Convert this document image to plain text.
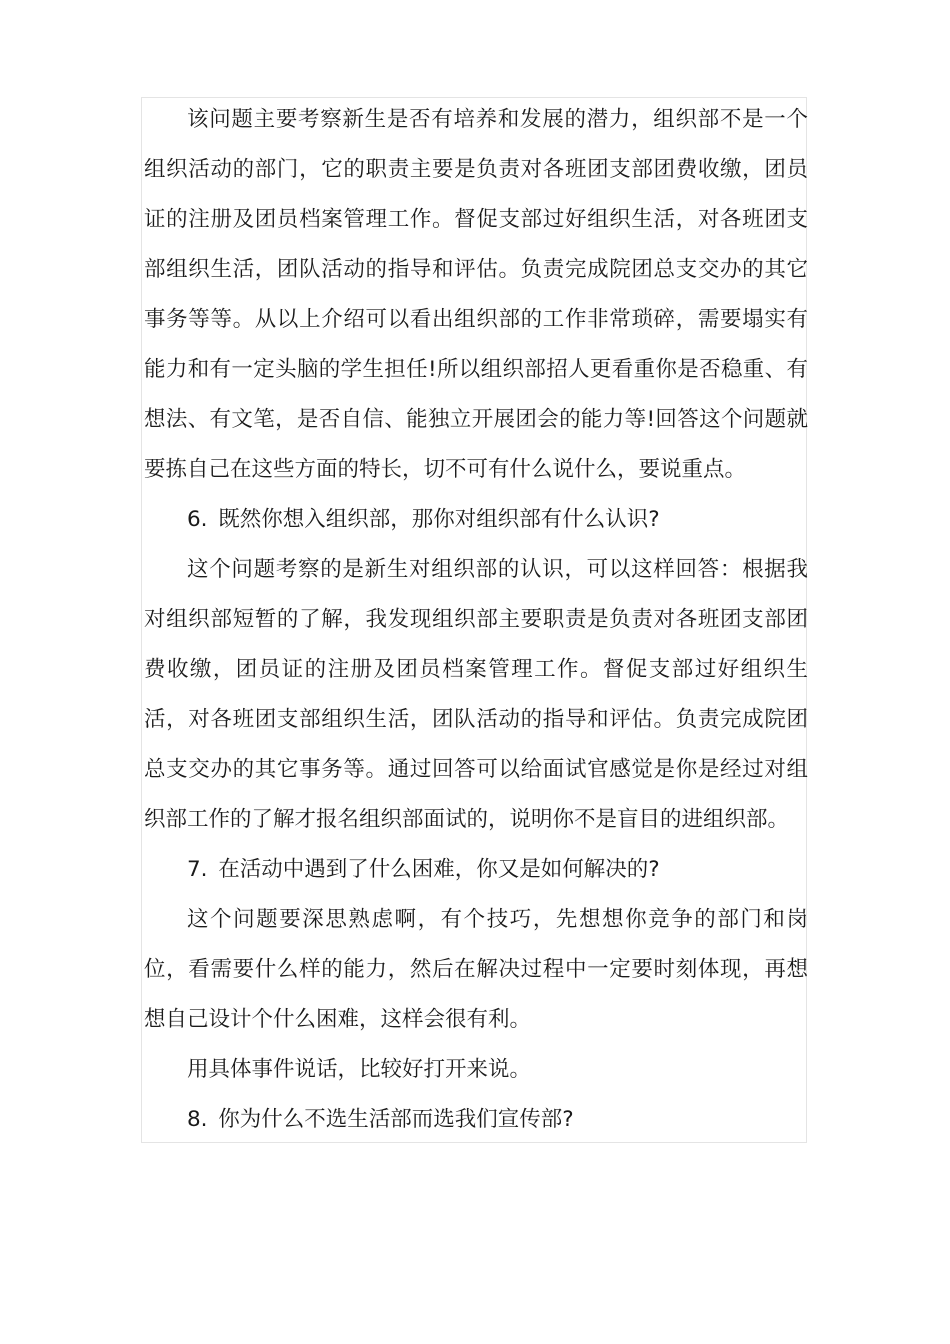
该问题主要考察新生是否有培养和发展的潜力，组织部不是一个组织活动的部门，它的职责主要是负责对各班团支部团费收缴，团员证的注册及团员档案管理工作。督促支部过好组织生活，对各班团支部组织生活，团队活动的指导和评估。负责完成院团总支交办的其它事务等等。从以上介绍可以看出组织部的工作非常琐碎，需要塌实有能力和有一定头脑的学生担任!所以组织部招人更看重你是否稳重、有想法、有文笔，是否自信、能独立开展团会的能力等!回答这个问题就要拣自己在这些方面的特长，切不可有什么说什么，要说重点。

6. 既然你想入组织部，那你对组织部有什么认识?

这个问题考察的是新生对组织部的认识，可以这样回答：根据我对组织部短暂的了解，我发现组织部主要职责是负责对各班团支部团费收缴，团员证的注册及团员档案管理工作。督促支部过好组织生活，对各班团支部组织生活，团队活动的指导和评估。负责完成院团总支交办的其它事务等。通过回答可以给面试官感觉是你是经过对组织部工作的了解才报名组织部面试的，说明你不是盲目的进组织部。

7. 在活动中遇到了什么困难，你又是如何解决的?

这个问题要深思熟虑啊，有个技巧，先想想你竞争的部门和岗位，看需要什么样的能力，然后在解决过程中一定要时刻体现，再想想自己设计个什么困难，这样会很有利。

用具体事件说话，比较好打开来说。

8. 你为什么不选生活部而选我们宣传部?
